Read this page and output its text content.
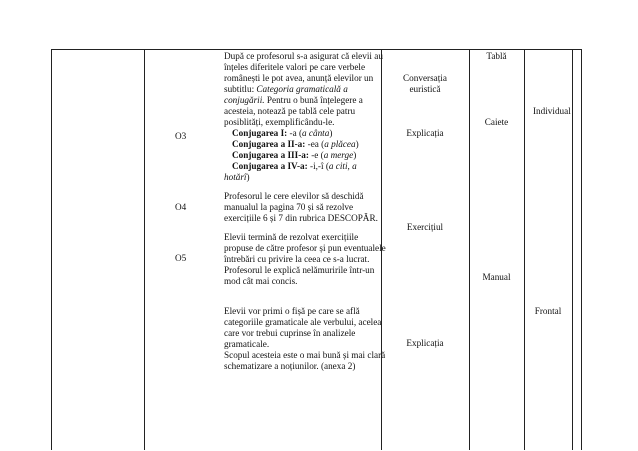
O3
O4
O5
După ce profesorul s-a asigurat că elevii au
înțeles diferitele valori pe care verbele
românești le pot avea, anunță elevilor un
subtitlu: Categoria gramaticală a
conjugării. Pentru o bună înțelegere a
acesteia, notează pe tablă cele patru
posiblități, exemplificându-le.
Conjugarea I: -a (a cânta)
Conjugarea a II-a: -ea (a plăcea)
Conjugarea a III-a: -e (a merge)
Conjugarea a IV-a: -i,-î (a citi, a
hotărî)
Profesorul le cere elevilor să deschidă
manualul la pagina 70 și să rezolve
exercițiile 6 și 7 din rubrica DESCOPĂR.
Elevii termină de rezolvat exercițiile
propuse de către profesor și pun eventualele
întrebări cu privire la ceea ce s-a lucrat.
Profesorul le explică nelămuririle într-un
mod cât mai concis.
Elevii vor primi o fișă pe care se află
categoriile gramaticale ale verbului, acelea
care vor trebui cuprinse în analizele
gramaticale.
Scopul acesteia este o mai bună și mai clară
schematizare a noțiunilor. (anexa 2)
Conversația
euristică
Explicația
Exercițiul
Explicația
Tablă
Caiete
Manual
Individual
Frontal
